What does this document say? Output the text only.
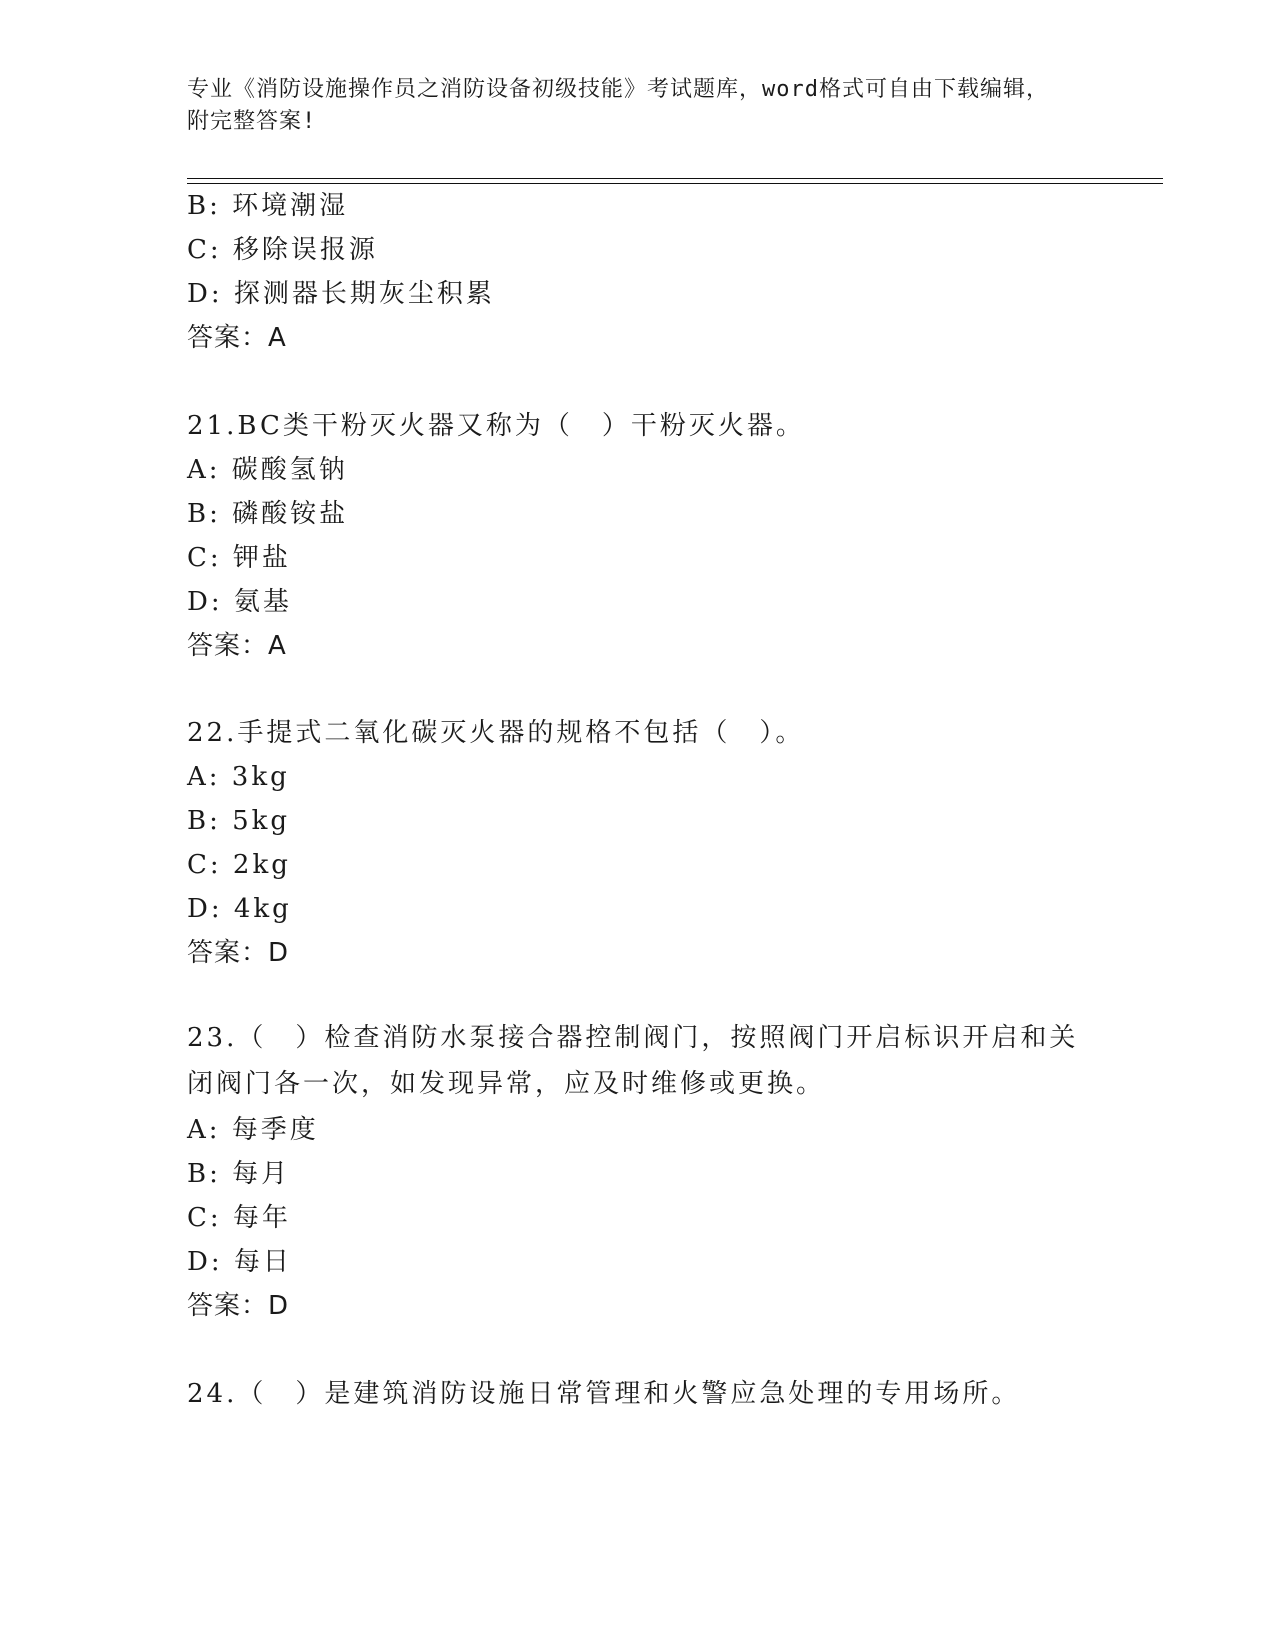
专业《消防设施操作员之消防设备初级技能》考试题库，word格式可自由下载编辑，附完整答案!
B: 环境潮湿
C: 移除误报源
D: 探测器长期灰尘积累
答案：A
21.BC类干粉灭火器又称为（　）干粉灭火器。
A: 碳酸氢钠
B: 磷酸铵盐
C: 钾盐
D: 氨基
答案：A
22.手提式二氧化碳灭火器的规格不包括（　）。
A: 3kg
B: 5kg
C: 2kg
D: 4kg
答案：D
23.（　）检查消防水泵接合器控制阀门，按照阀门开启标识开启和关闭阀门各一次，如发现异常，应及时维修或更换。
A: 每季度
B: 每月
C: 每年
D: 每日
答案：D
24.（　）是建筑消防设施日常管理和火警应急处理的专用场所。
